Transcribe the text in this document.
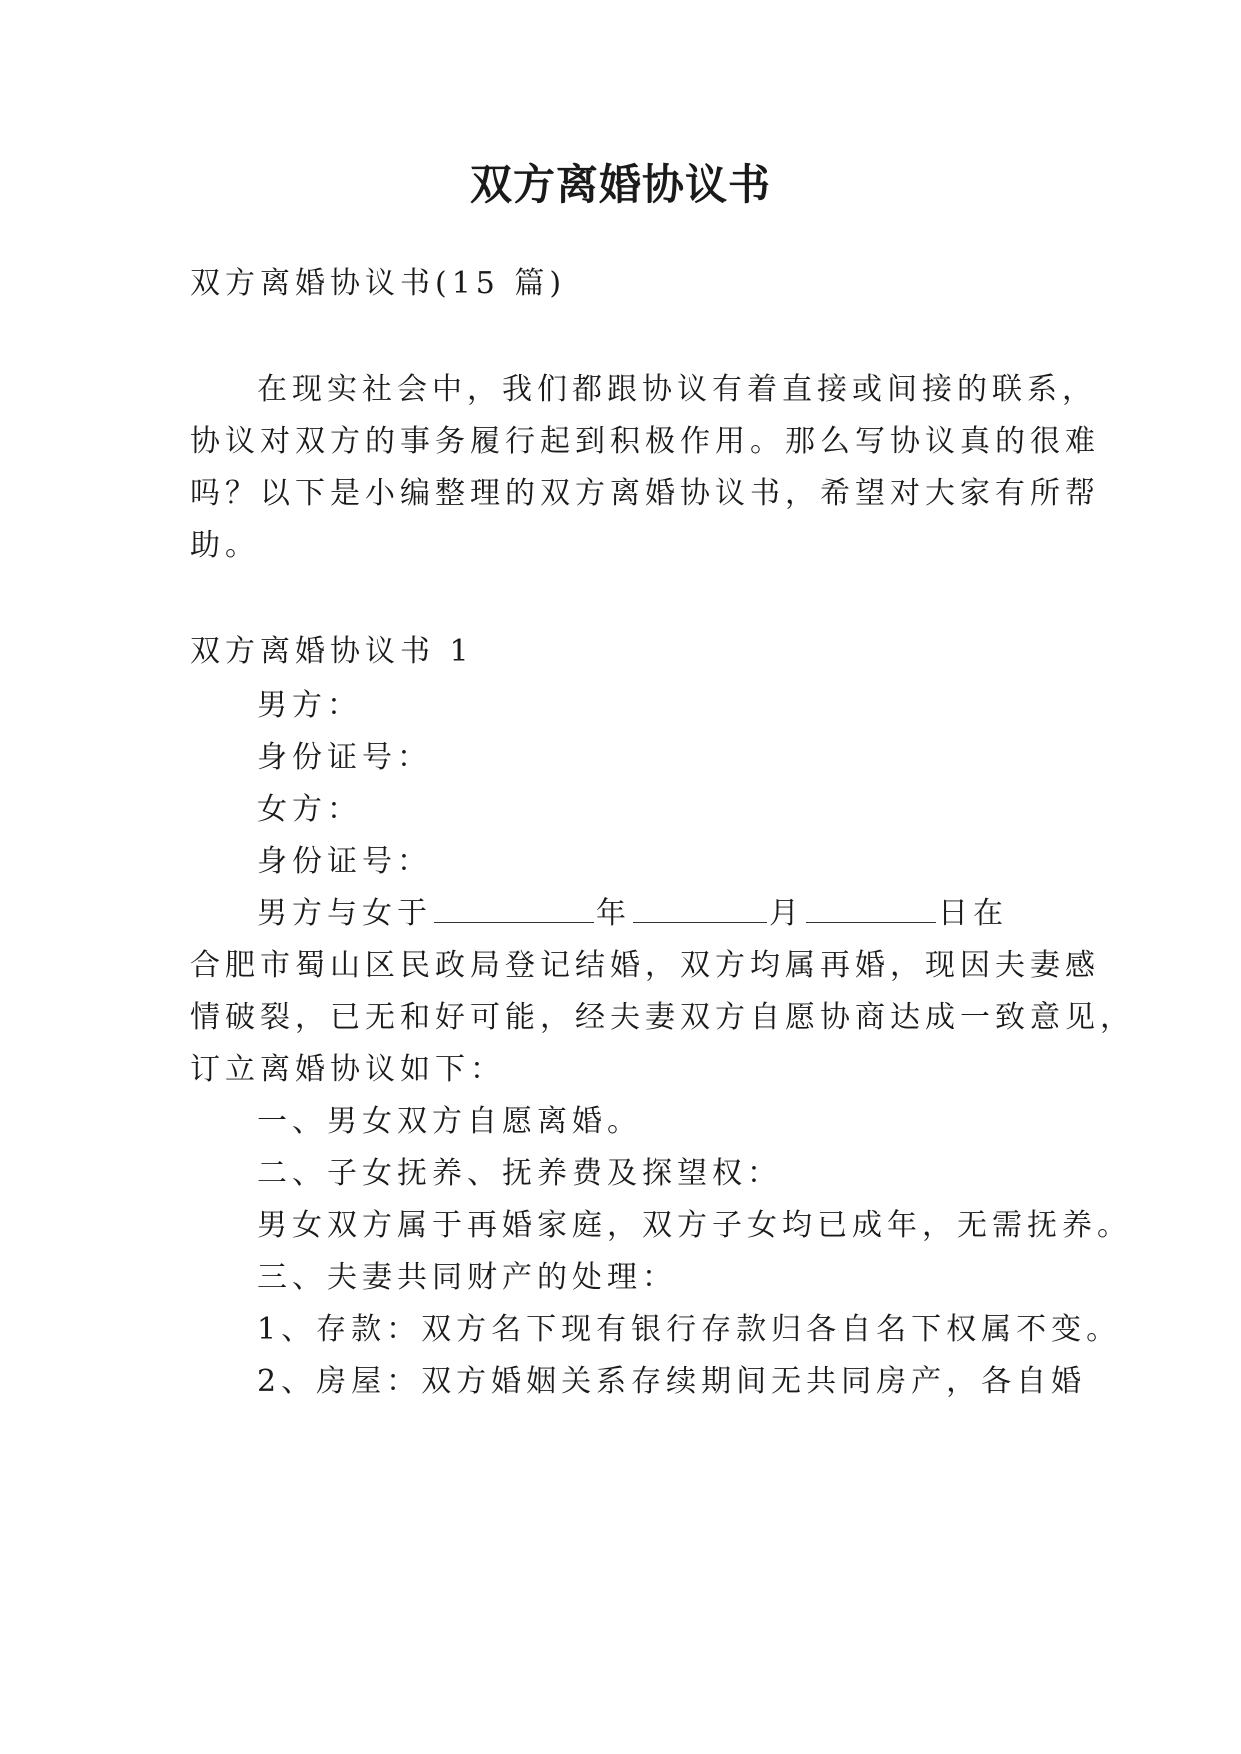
双方离婚协议书
双方离婚协议书(15 篇)
在现实社会中，我们都跟协议有着直接或间接的联系，
协议对双方的事务履行起到积极作用。那么写协议真的很难
吗？以下是小编整理的双方离婚协议书，希望对大家有所帮
助。
双方离婚协议书 1
男方：
身份证号：
女方：
身份证号：
男方与女于	年	月	日在
合肥市蜀山区民政局登记结婚，双方均属再婚，现因夫妻感
情破裂，已无和好可能，经夫妻双方自愿协商达成一致意见，
订立离婚协议如下：
一、男女双方自愿离婚。
二、子女抚养、抚养费及探望权：
男女双方属于再婚家庭，双方子女均已成年，无需抚养。
三、夫妻共同财产的处理：
1、存款：双方名下现有银行存款归各自名下权属不变。
2、房屋：双方婚姻关系存续期间无共同房产，各自婚
